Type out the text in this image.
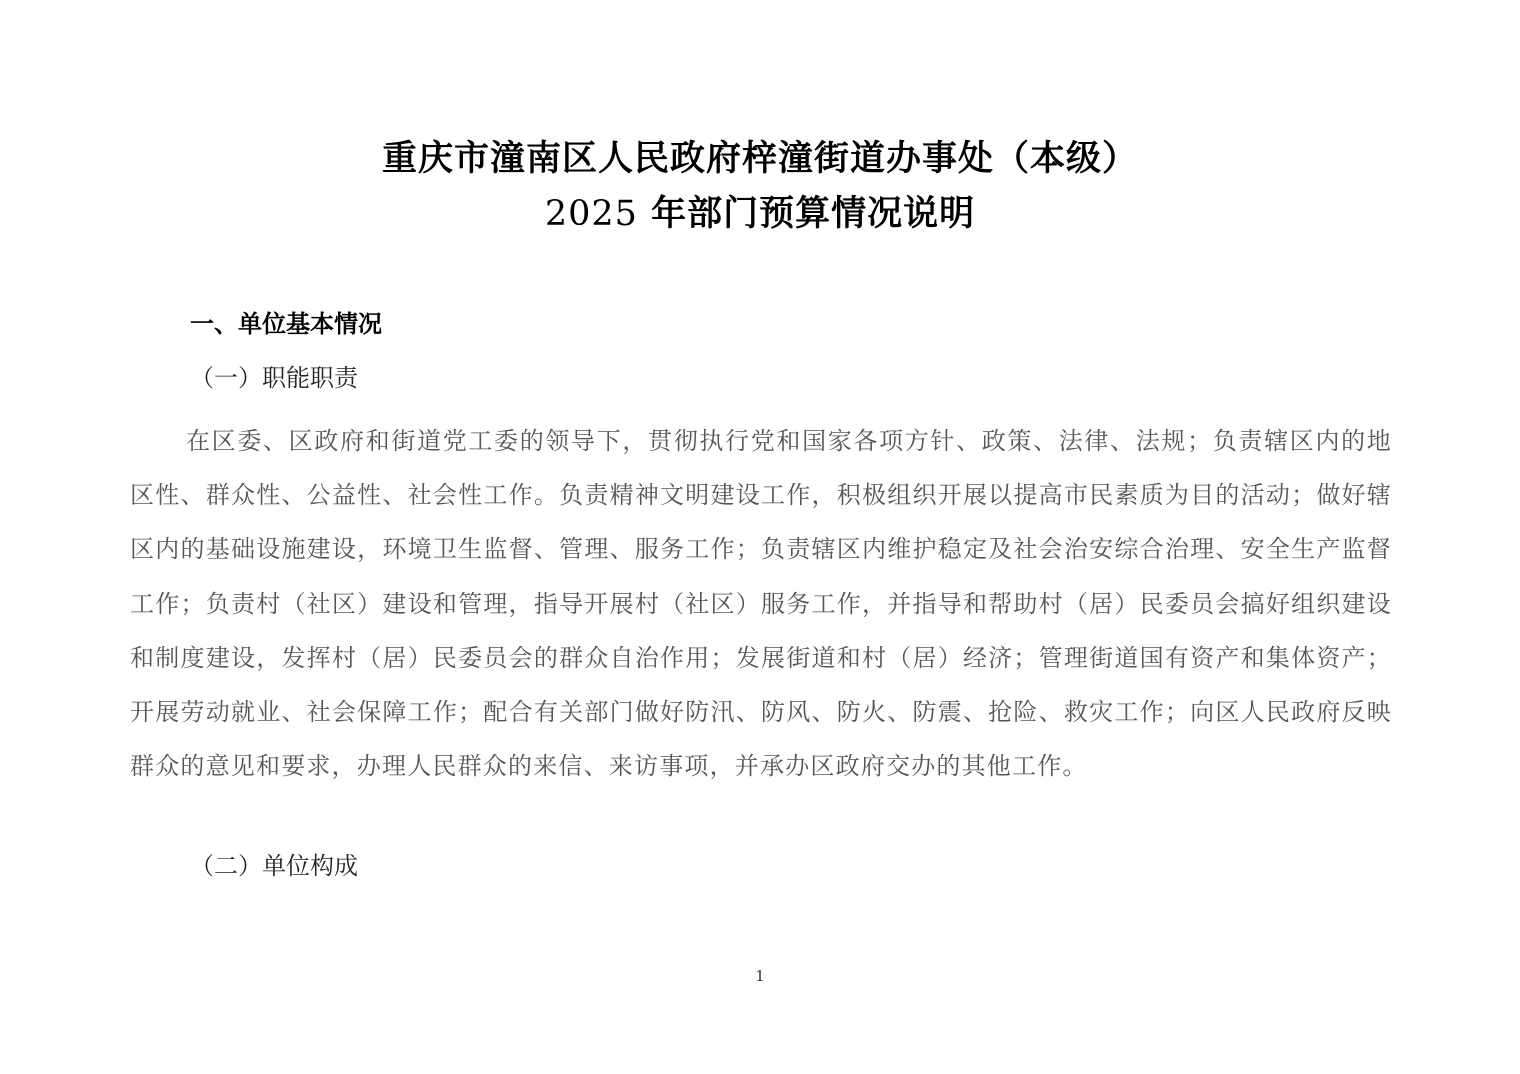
重庆市潼南区人民政府梓潼街道办事处（本级）
2025 年部门预算情况说明
一、单位基本情况
（一）职能职责

在区委、区政府和街道党工委的领导下，贯彻执行党和国家各项方针、政策、法律、法规；负责辖区内的地区性、群众性、公益性、社会性工作。负责精神文明建设工作，积极组织开展以提高市民素质为目的活动；做好辖区内的基础设施建设，环境卫生监督、管理、服务工作；负责辖区内维护稳定及社会治安综合治理、安全生产监督工作；负责村（社区）建设和管理，指导开展村（社区）服务工作，并指导和帮助村（居）民委员会搞好组织建设和制度建设，发挥村（居）民委员会的群众自治作用；发展街道和村（居）经济；管理街道国有资产和集体资产；开展劳动就业、社会保障工作；配合有关部门做好防汛、防风、防火、防震、抢险、救灾工作；向区人民政府反映群众的意见和要求，办理人民群众的来信、来访事项，并承办区政府交办的其他工作。

（二）单位构成
1
